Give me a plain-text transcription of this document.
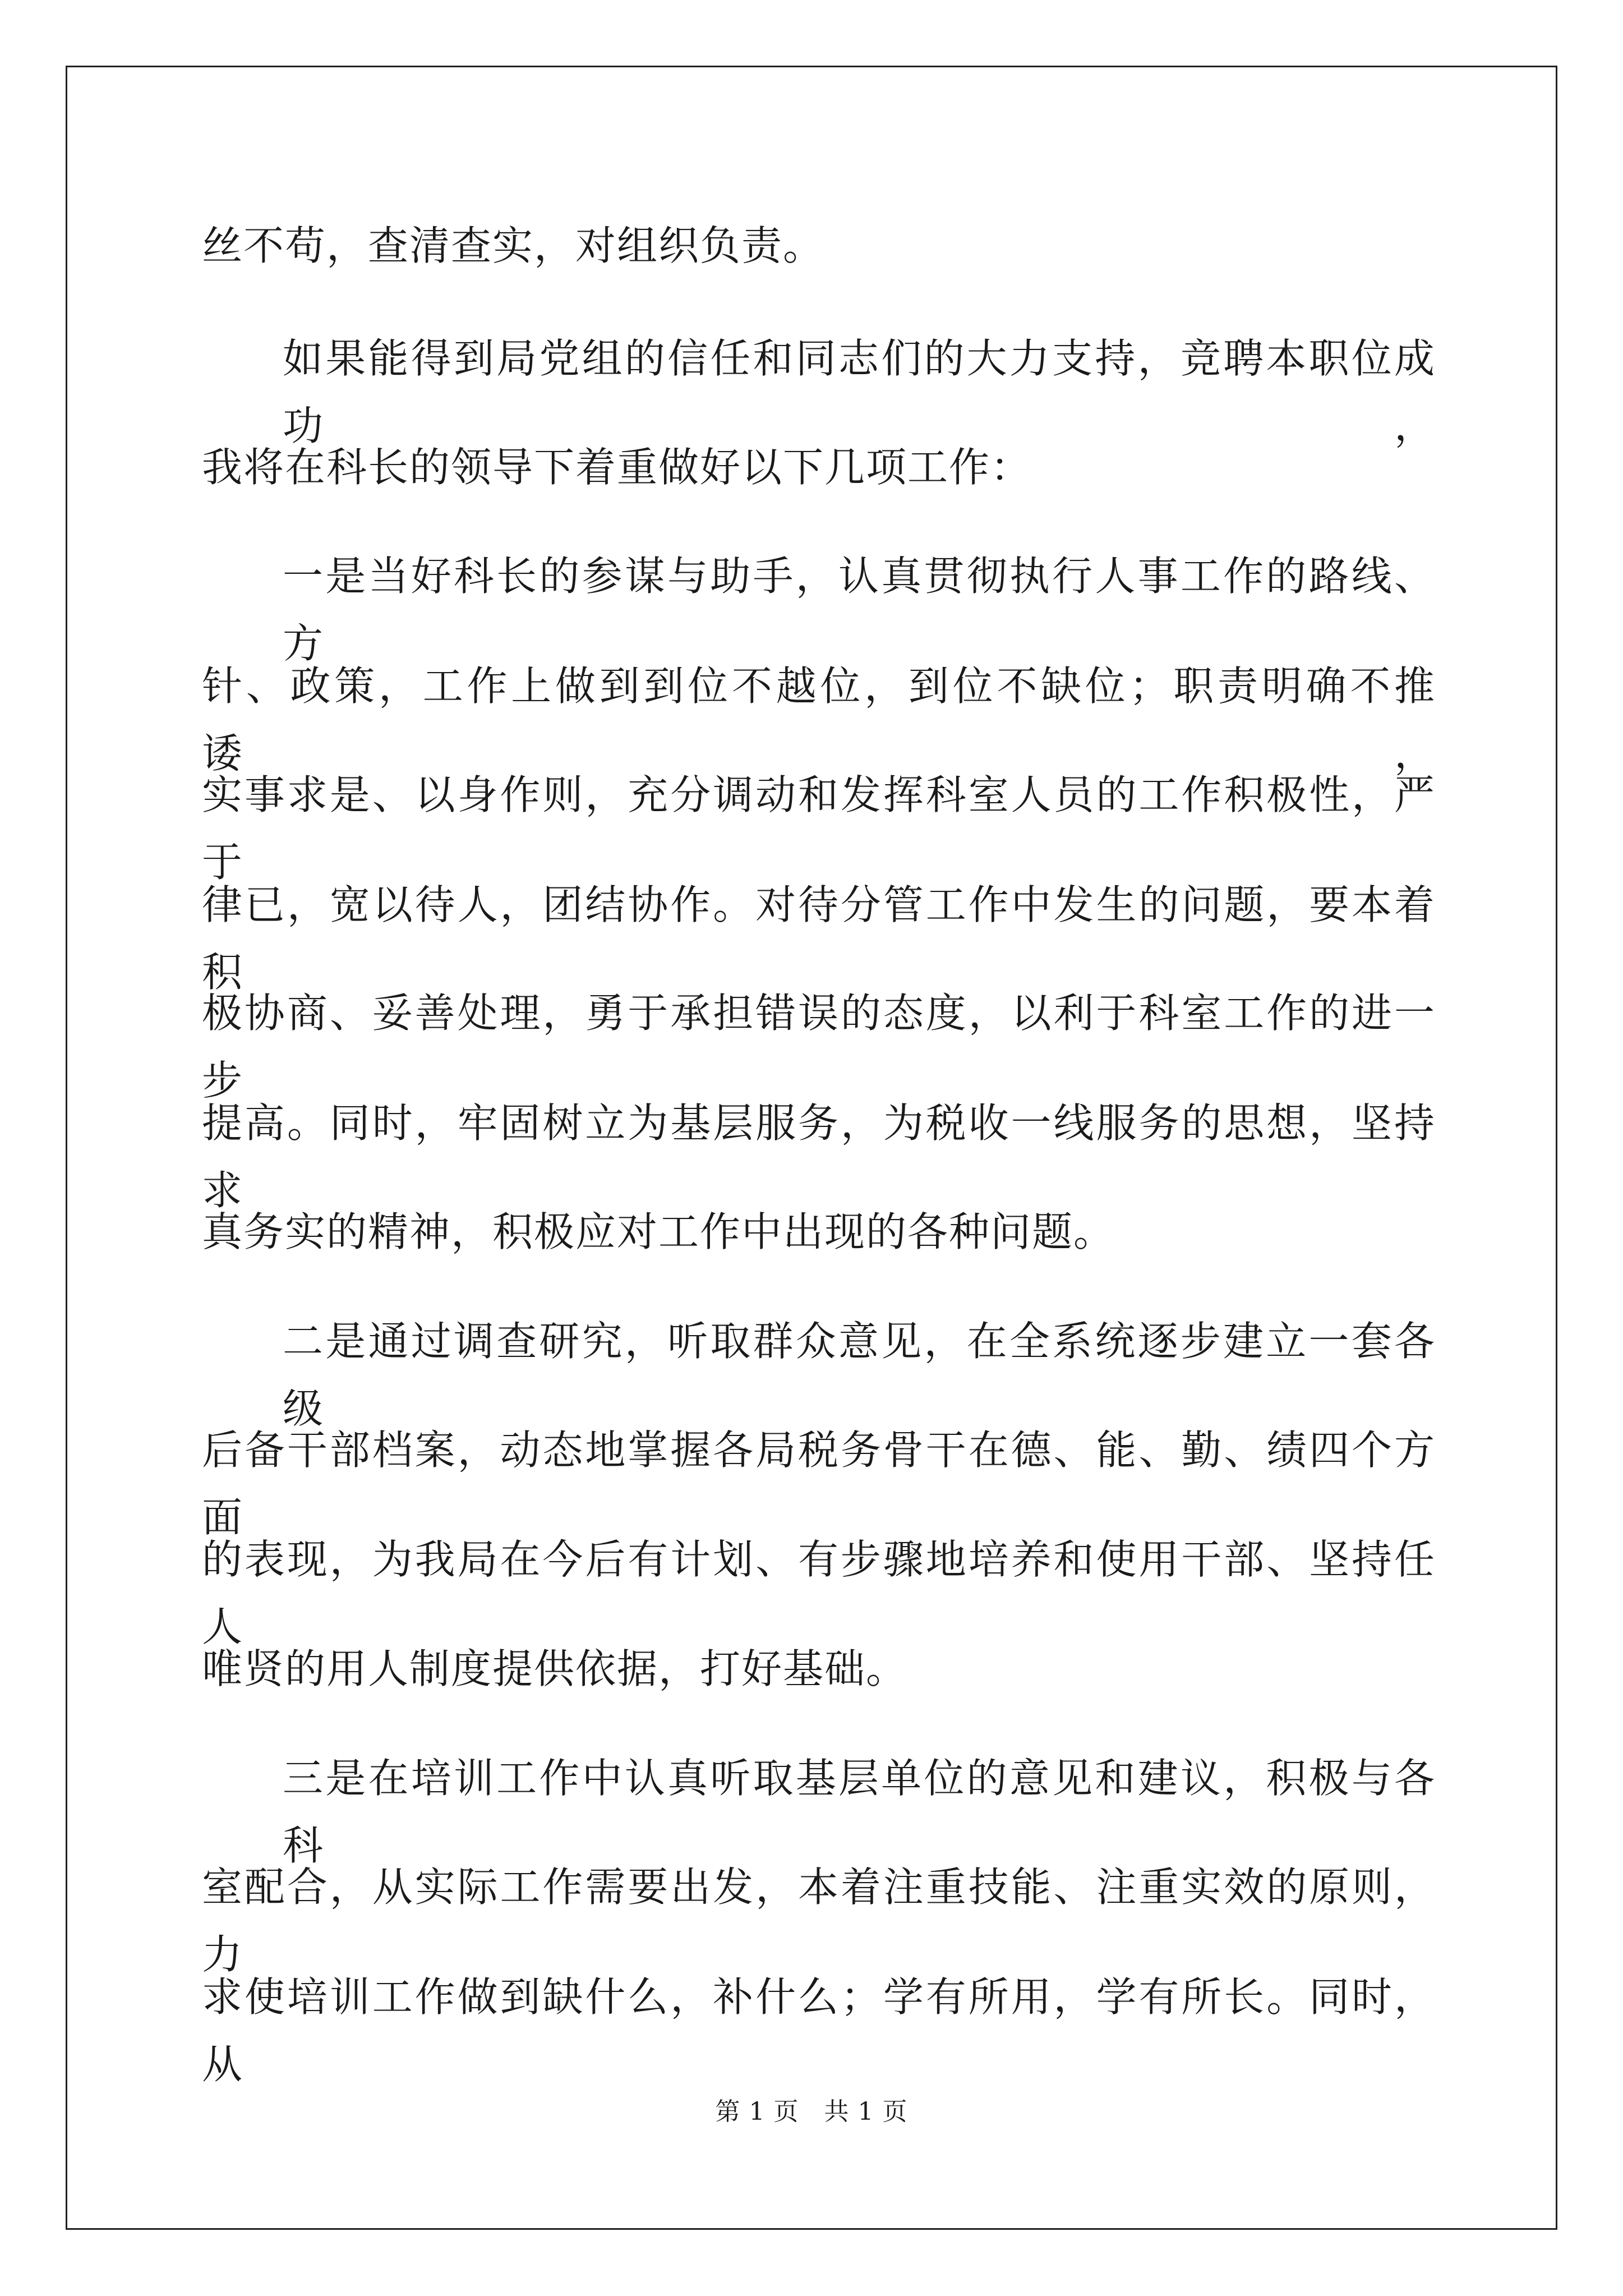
丝不苟，查清查实，对组织负责。
如果能得到局党组的信任和同志们的大力支持，竞聘本职位成功，
我将在科长的领导下着重做好以下几项工作：
一是当好科长的参谋与助手，认真贯彻执行人事工作的路线、方
针、政策，工作上做到到位不越位，到位不缺位；职责明确不推诿，
实事求是、以身作则，充分调动和发挥科室人员的工作积极性，严于
律已，宽以待人，团结协作。对待分管工作中发生的问题，要本着积
极协商、妥善处理，勇于承担错误的态度，以利于科室工作的进一步
提高。同时，牢固树立为基层服务，为税收一线服务的思想，坚持求
真务实的精神，积极应对工作中出现的各种问题。
二是通过调查研究，听取群众意见，在全系统逐步建立一套各级
后备干部档案，动态地掌握各局税务骨干在德、能、勤、绩四个方面
的表现，为我局在今后有计划、有步骤地培养和使用干部、坚持任人
唯贤的用人制度提供依据，打好基础。
三是在培训工作中认真听取基层单位的意见和建议，积极与各科
室配合，从实际工作需要出发，本着注重技能、注重实效的原则，力
求使培训工作做到缺什么，补什么；学有所用，学有所长。同时，从
第 1 页　共 1 页
